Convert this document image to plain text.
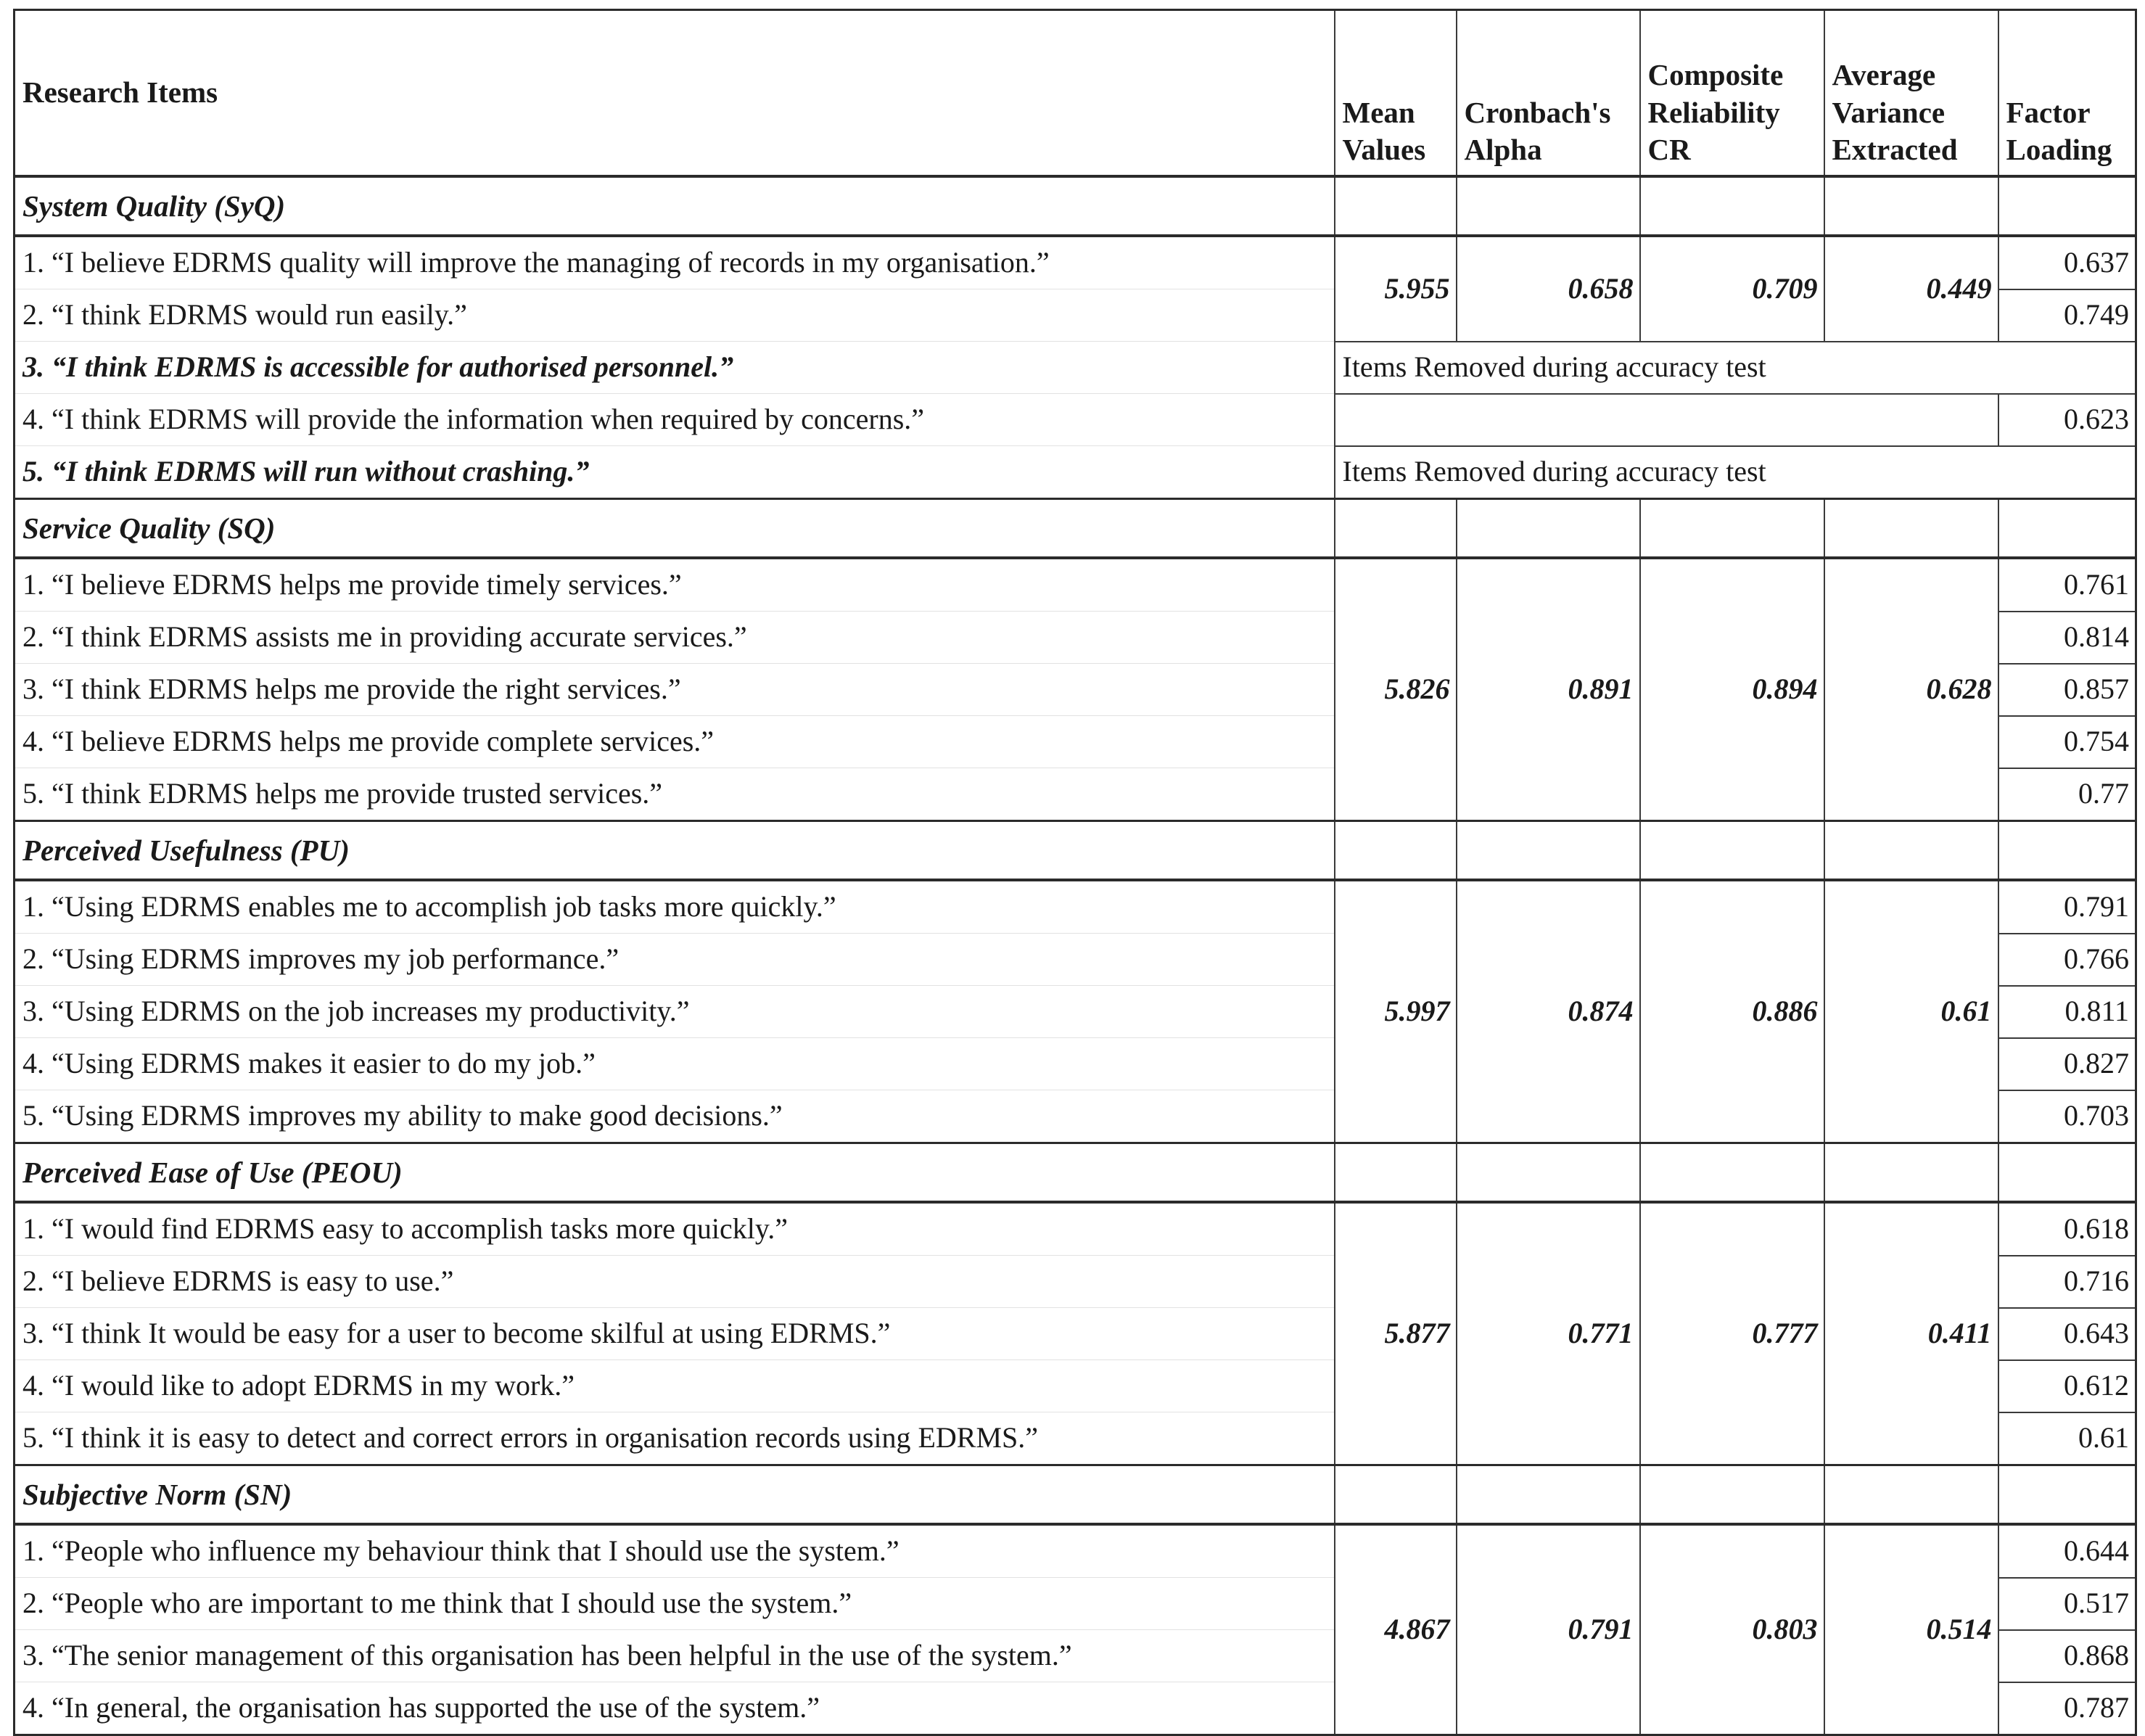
Research Items	
Mean
Values

Cronbach's
Alpha

Composite
Reliability
CR

Average
Variance
Extracted

Factor
Loading

System Quality (SyQ)					
1. “I believe EDRMS quality will improve the managing of records in my organisation.”	5.955	0.658	0.709	0.449	0.637
2. “I think EDRMS would run easily.”					0.749
3. “I think EDRMS is accessible for authorised personnel.”	Items Removed during accuracy test				
4. “I think EDRMS will provide the information when required by concerns.”					0.623
5. “I think EDRMS will run without crashing.”	Items Removed during accuracy test				
Service Quality (SQ)					
1. “I believe EDRMS helps me provide timely services.”	5.826	0.891	0.894	0.628	0.761
2. “I think EDRMS assists me in providing accurate services.”					0.814
3. “I think EDRMS helps me provide the right services.”					0.857
4. “I believe EDRMS helps me provide complete services.”					0.754
5. “I think EDRMS helps me provide trusted services.”					0.77
Perceived Usefulness (PU)					
1. “Using EDRMS enables me to accomplish job tasks more quickly.”	5.997	0.874	0.886	0.61	0.791
2. “Using EDRMS improves my job performance.”					0.766
3. “Using EDRMS on the job increases my productivity.”					0.811
4. “Using EDRMS makes it easier to do my job.”					0.827
5. “Using EDRMS improves my ability to make good decisions.”					0.703
Perceived Ease of Use (PEOU)					
1. “I would find EDRMS easy to accomplish tasks more quickly.”	5.877	0.771	0.777	0.411	0.618
2. “I believe EDRMS is easy to use.”					0.716
3. “I think It would be easy for a user to become skilful at using EDRMS.”					0.643
4. “I would like to adopt EDRMS in my work.”					0.612
5. “I think it is easy to detect and correct errors in organisation records using EDRMS.”					0.61
Subjective Norm (SN)					
1. “People who influence my behaviour think that I should use the system.”	4.867	0.791	0.803	0.514	0.644
2. “People who are important to me think that I should use the system.”					0.517
3. “The senior management of this organisation has been helpful in the use of the system.”					0.868
4. “In general, the organisation has supported the use of the system.”					0.787
